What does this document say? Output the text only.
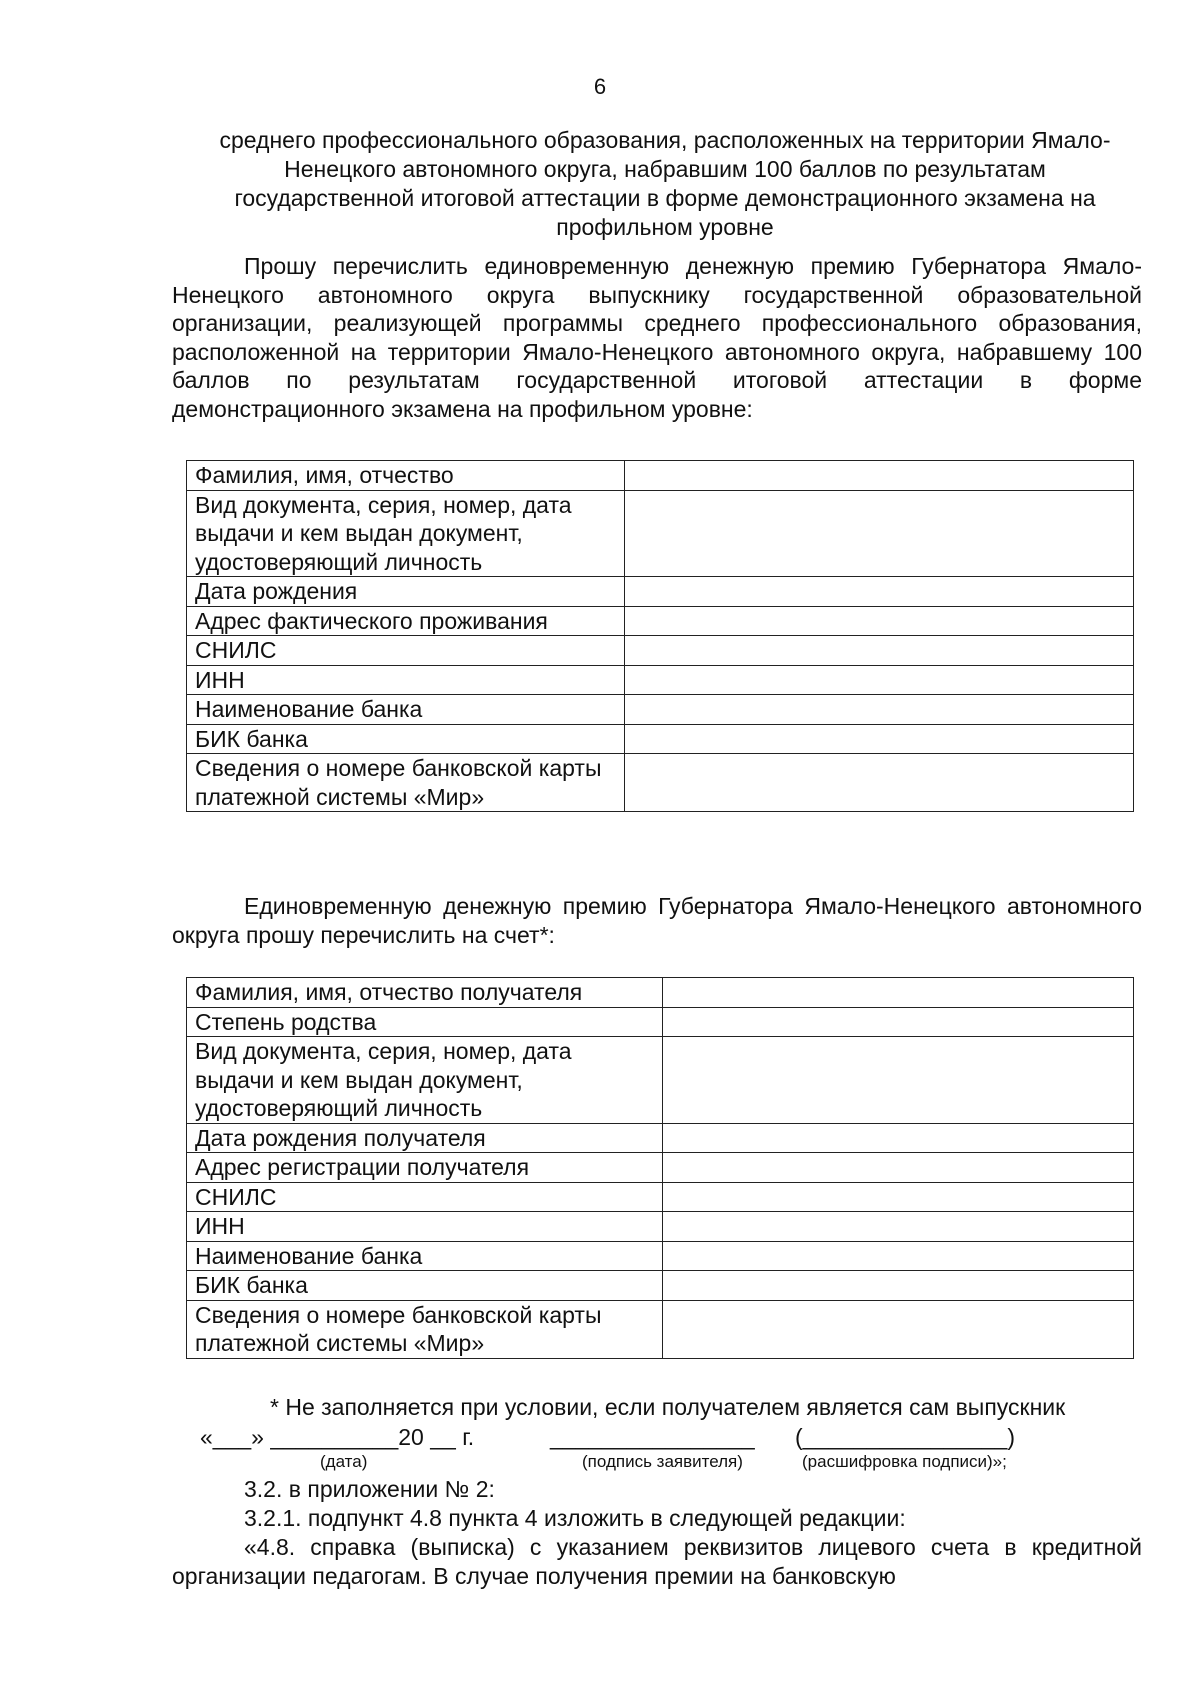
6
среднего профессионального образования, расположенных на территории Ямало-Ненецкого автономного округа, набравшим 100 баллов по результатам государственной итоговой аттестации в форме демонстрационного экзамена на профильном уровне
Прошу перечислить единовременную денежную премию Губернатора Ямало-Ненецкого автономного округа выпускнику государственной образовательной организации, реализующей программы среднего профессионального образования, расположенной на территории Ямало-Ненецкого автономного округа, набравшему 100 баллов по результатам государственной итоговой аттестации в форме демонстрационного экзамена на профильном уровне:
Фамилия, имя, отчество	
Вид документа, серия, номер, дата выдачи и кем выдан документ, удостоверяющий личность	
Дата рождения	
Адрес фактического проживания	
СНИЛС	
ИНН	
Наименование банка	
БИК банка	
Сведения о номере банковской карты платежной системы «Мир»	
Единовременную денежную премию Губернатора Ямало-Ненецкого автономного округа прошу перечислить на счет*:
Фамилия, имя, отчество получателя	
Степень родства	
Вид документа, серия, номер, дата выдачи и кем выдан документ, удостоверяющий личность	
Дата рождения получателя	
Адрес регистрации получателя	
СНИЛС	
ИНН	
Наименование банка	
БИК банка	
Сведения о номере банковской карты платежной системы «Мир»	
* Не заполняется при условии, если получателем является сам выпускник
«___» __________20 __ г.	________________ (________________)
(дата)	(подпись заявителя)	(расшифровка подписи)»;
3.2. в приложении № 2:
3.2.1. подпункт 4.8 пункта 4 изложить в следующей редакции:
«4.8. справка (выписка) с указанием реквизитов лицевого счета в кредитной организации педагогам. В случае получения премии на банковскую
